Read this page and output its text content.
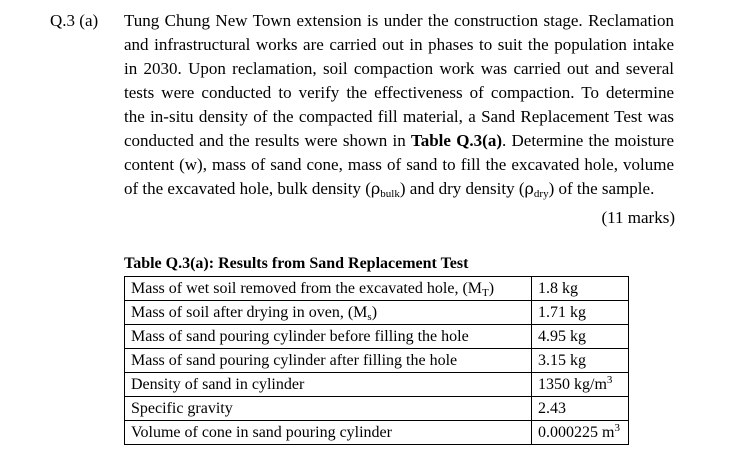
Q.3 (a) Tung Chung New Town extension is under the construction stage. Reclamation
and infrastructural works are carried out in phases to suit the population intake
in 2030. Upon reclamation, soil compaction work was carried out and several
tests were conducted to verify the effectiveness of compaction. To determine
the in-situ density of the compacted fill material, a Sand Replacement Test was
conducted and the results were shown in Table Q.3(a). Determine the moisture
content (w), mass of sand cone, mass of sand to fill the excavated hole, volume
of the excavated hole, bulk density $(\rho_{bulk})$ and dry density $(\rho_{dry})$ of the sample.
(11 marks)
Table Q.3(a): Results from Sand Replacement Test
Mass of wet soil removed from the excavated hole, $(M_T)$	1.8 kg
Mass of soil after drying in oven, $(M_s)$	1.71 kg
Mass of sand pouring cylinder before filling the hole	4.95 kg
Mass of sand pouring cylinder after filling the hole	3.15 kg
Density of sand in cylinder	1350 $kg/m^3$
Specific gravity	2.43
Volume of cone in sand pouring cylinder	0.000225 $m^3$
